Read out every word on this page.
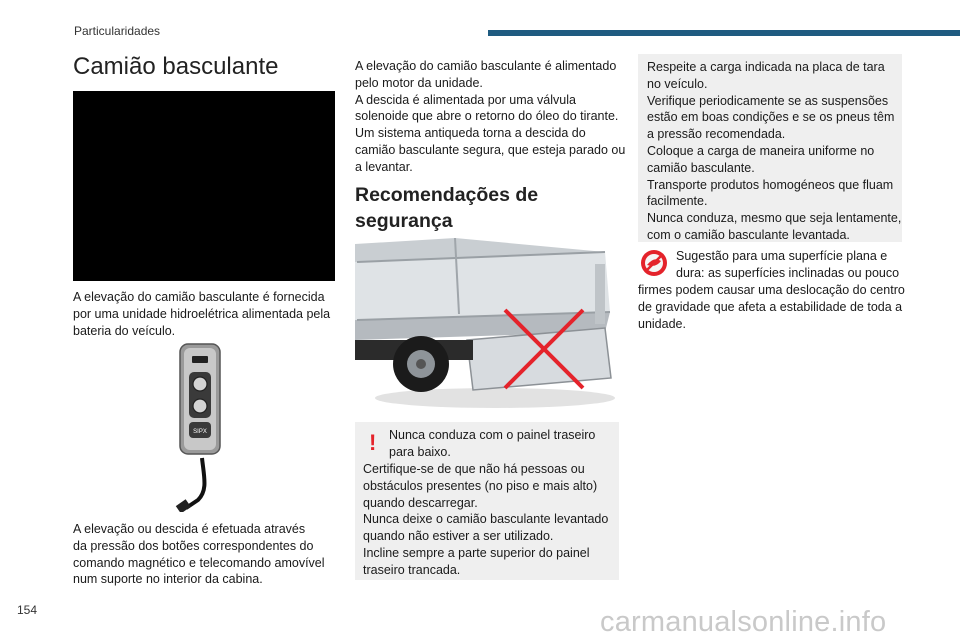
Particularidades
Camião basculante
A elevação do camião basculante é fornecida
por uma unidade hidroelétrica alimentada pela
bateria do veículo.
SIPX
A elevação ou descida é efetuada através
da pressão dos botões correspondentes do
comando magnético e telecomando amovível
num suporte no interior da cabina.
A elevação do camião basculante é alimentado
pelo motor da unidade.
A descida é alimentada por uma válvula
solenoide que abre o retorno do óleo do tirante.
Um sistema antiqueda torna a descida do
camião basculante segura, que esteja parado ou
a levantar.
Recomendações de
segurança
! Nunca conduza com o painel traseiro
para baixo.
Certifique-se de que não há pessoas ou
obstáculos presentes (no piso e mais alto)
quando descarregar.
Nunca deixe o camião basculante levantado
quando não estiver a ser utilizado.
Incline sempre a parte superior do painel
traseiro trancada.
Respeite a carga indicada na placa de tara
no veículo.
Verifique periodicamente se as suspensões
estão em boas condições e se os pneus têm
a pressão recomendada.
Coloque a carga de maneira uniforme no
camião basculante.
Transporte produtos homogéneos que fluam
facilmente.
Nunca conduza, mesmo que seja lentamente,
com o camião basculante levantada.
Sugestão para uma superfície plana e
dura: as superfícies inclinadas ou pouco
firmes podem causar uma deslocação do centro
de gravidade que afeta a estabilidade de toda a
unidade.
154	carmanualsonline.info
